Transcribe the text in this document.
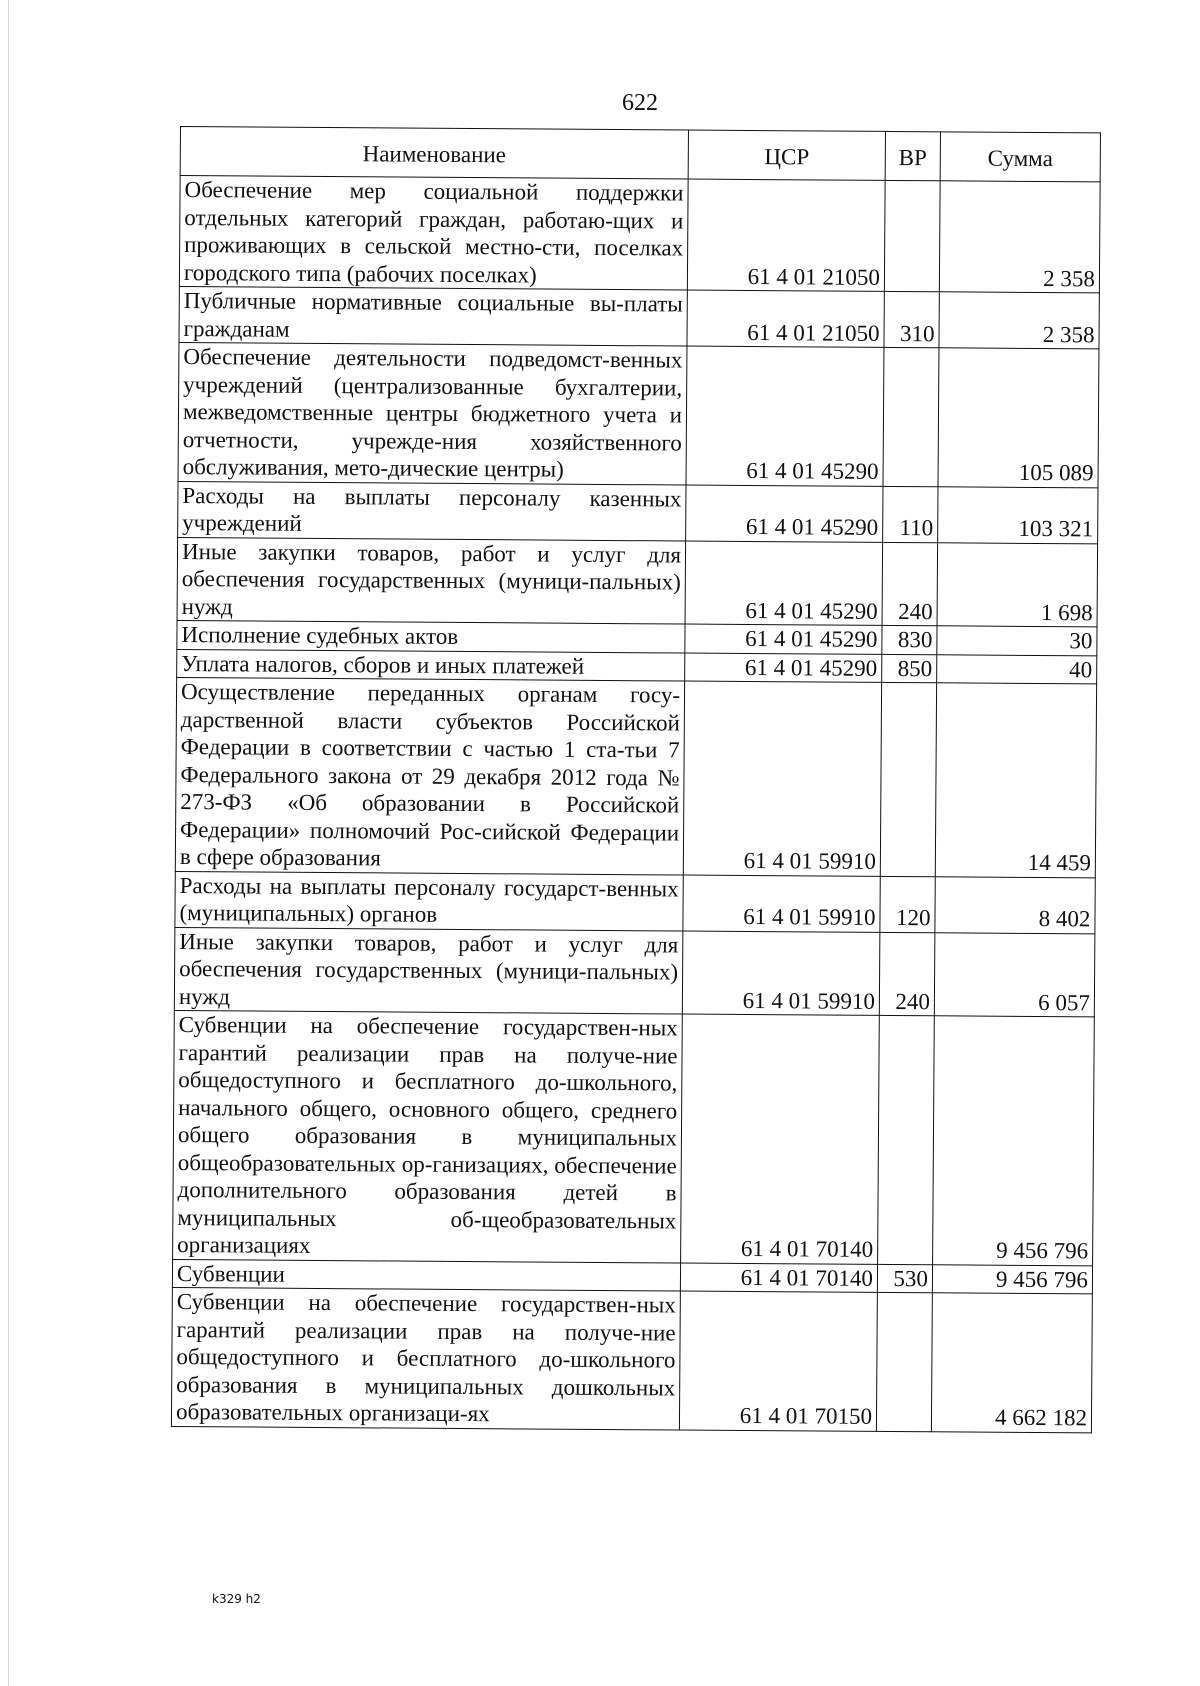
622
Наименование	ЦСР	ВР	Сумма
Обеспечение мер социальной поддержки отдельных категорий граждан, работаю-щих и проживающих в сельской местно-сти, поселках городского типа (рабочих поселках)	61 4 01 21050		2 358
Публичные нормативные социальные вы-платы гражданам	61 4 01 21050	310	2 358
Обеспечение деятельности подведомст-венных учреждений (централизованные бухгалтерии, межведомственные центры бюджетного учета и отчетности, учрежде-ния хозяйственного обслуживания, мето-дические центры)	61 4 01 45290		105 089
Расходы на выплаты персоналу казенных учреждений	61 4 01 45290	110	103 321
Иные закупки товаров, работ и услуг для обеспечения государственных (муници-пальных) нужд	61 4 01 45290	240	1 698
Исполнение судебных актов	61 4 01 45290	830	30
Уплата налогов, сборов и иных платежей	61 4 01 45290	850	40
Осуществление переданных органам госу-дарственной власти субъектов Российской Федерации в соответствии с частью 1 ста-тьи 7 Федерального закона от 29 декабря 2012 года № 273-ФЗ «Об образовании в Российской Федерации» полномочий Рос-сийской Федерации в сфере образования	61 4 01 59910		14 459
Расходы на выплаты персоналу государст-венных (муниципальных) органов	61 4 01 59910	120	8 402
Иные закупки товаров, работ и услуг для обеспечения государственных (муници-пальных) нужд	61 4 01 59910	240	6 057
Субвенции на обеспечение государствен-ных гарантий реализации прав на получе-ние общедоступного и бесплатного до-школьного, начального общего, основного общего, среднего общего образования в муниципальных общеобразовательных ор-ганизациях, обеспечение дополнительного образования детей в муниципальных об-щеобразовательных организациях	61 4 01 70140		9 456 796
Субвенции	61 4 01 70140	530	9 456 796
Субвенции на обеспечение государствен-ных гарантий реализации прав на получе-ние общедоступного и бесплатного до-школьного образования в муниципальных дошкольных образовательных организаци-ях	61 4 01 70150		4 662 182
k329 h2
